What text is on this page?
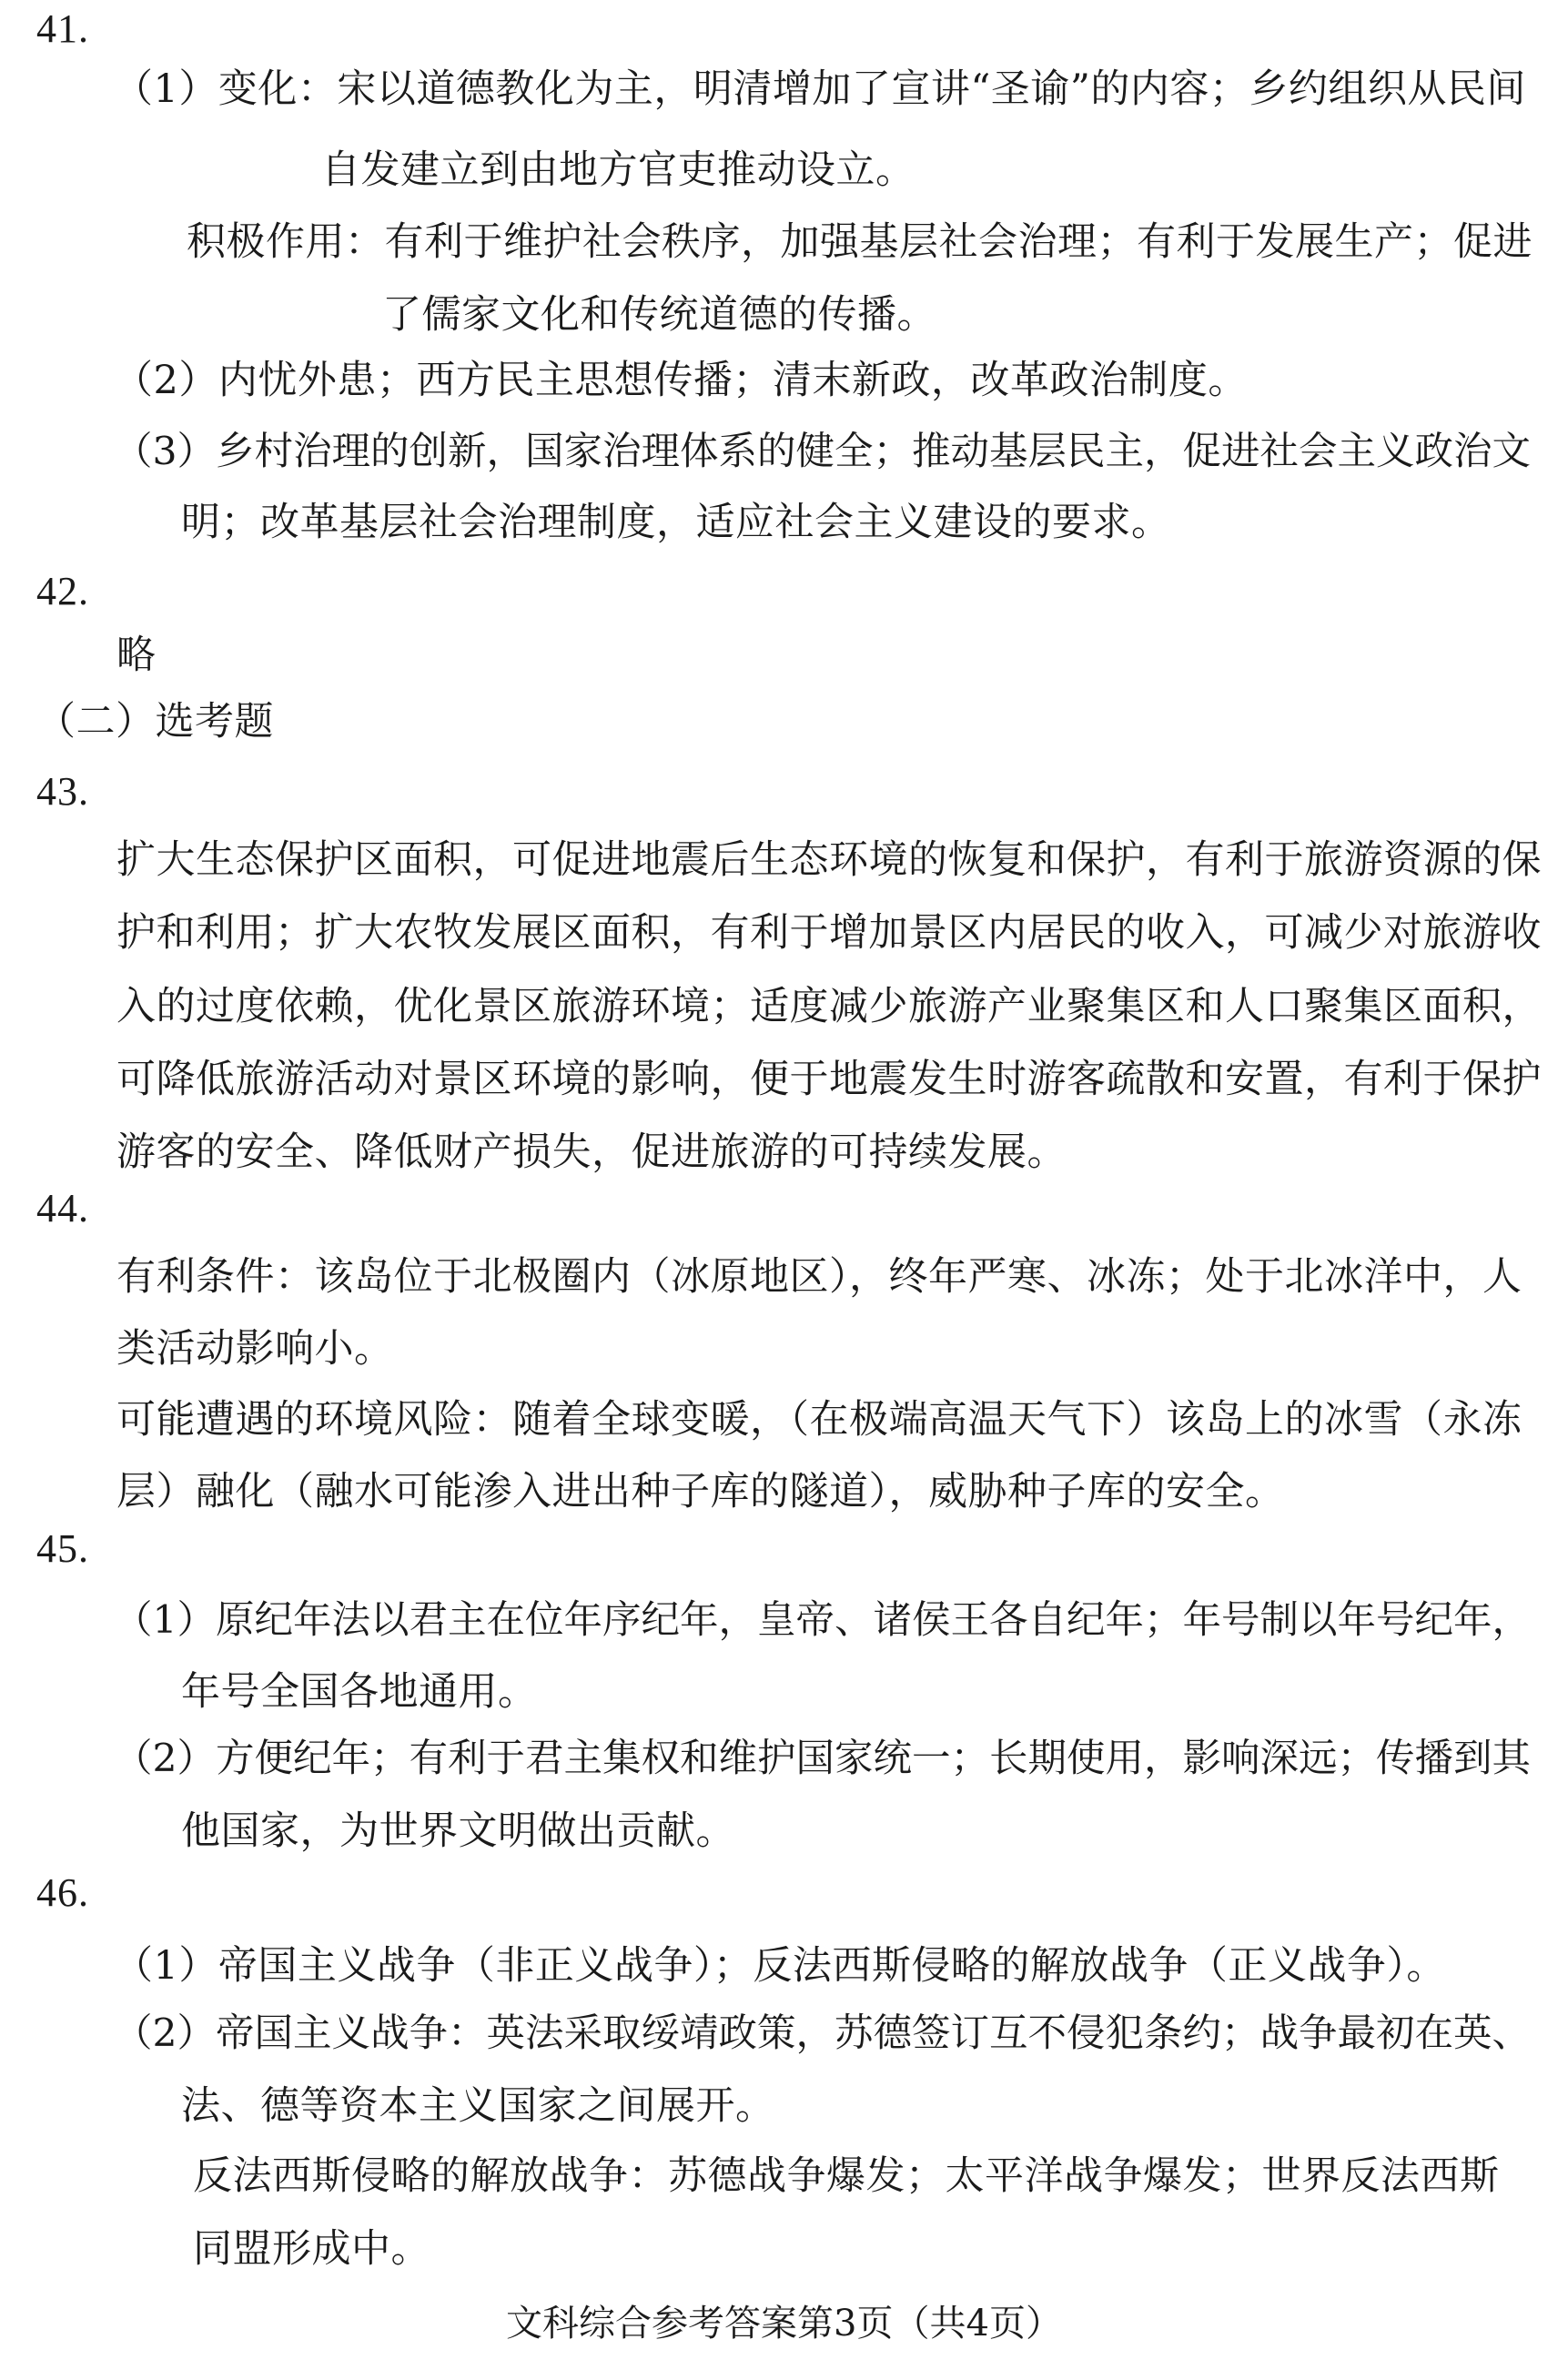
41.
（1）变化：宋以道德教化为主，明清增加了宣讲“圣谕”的内容；乡约组织从民间
自发建立到由地方官吏推动设立。
积极作用：有利于维护社会秩序，加强基层社会治理；有利于发展生产；促进
了儒家文化和传统道德的传播。
（2）内忧外患；西方民主思想传播；清末新政，改革政治制度。
（3）乡村治理的创新，国家治理体系的健全；推动基层民主，促进社会主义政治文
明；改革基层社会治理制度，适应社会主义建设的要求。
42.
略
（二）选考题
43.
扩大生态保护区面积，可促进地震后生态环境的恢复和保护，有利于旅游资源的保
护和利用；扩大农牧发展区面积，有利于增加景区内居民的收入，可减少对旅游收
入的过度依赖，优化景区旅游环境；适度减少旅游产业聚集区和人口聚集区面积，
可降低旅游活动对景区环境的影响，便于地震发生时游客疏散和安置，有利于保护
游客的安全、降低财产损失，促进旅游的可持续发展。
44.
有利条件：该岛位于北极圈内（冰原地区），终年严寒、冰冻；处于北冰洋中，人
类活动影响小。
可能遭遇的环境风险：随着全球变暖，（在极端高温天气下）该岛上的冰雪（永冻
层）融化（融水可能渗入进出种子库的隧道），威胁种子库的安全。
45.
（1）原纪年法以君主在位年序纪年，皇帝、诸侯王各自纪年；年号制以年号纪年，
年号全国各地通用。
（2）方便纪年；有利于君主集权和维护国家统一；长期使用，影响深远；传播到其
他国家，为世界文明做出贡献。
46.
（1）帝国主义战争（非正义战争）；反法西斯侵略的解放战争（正义战争）。
（2）帝国主义战争：英法采取绥靖政策，苏德签订互不侵犯条约；战争最初在英、
法、德等资本主义国家之间展开。
反法西斯侵略的解放战争：苏德战争爆发；太平洋战争爆发；世界反法西斯
同盟形成中。
文科综合参考答案第3页（共4页）
